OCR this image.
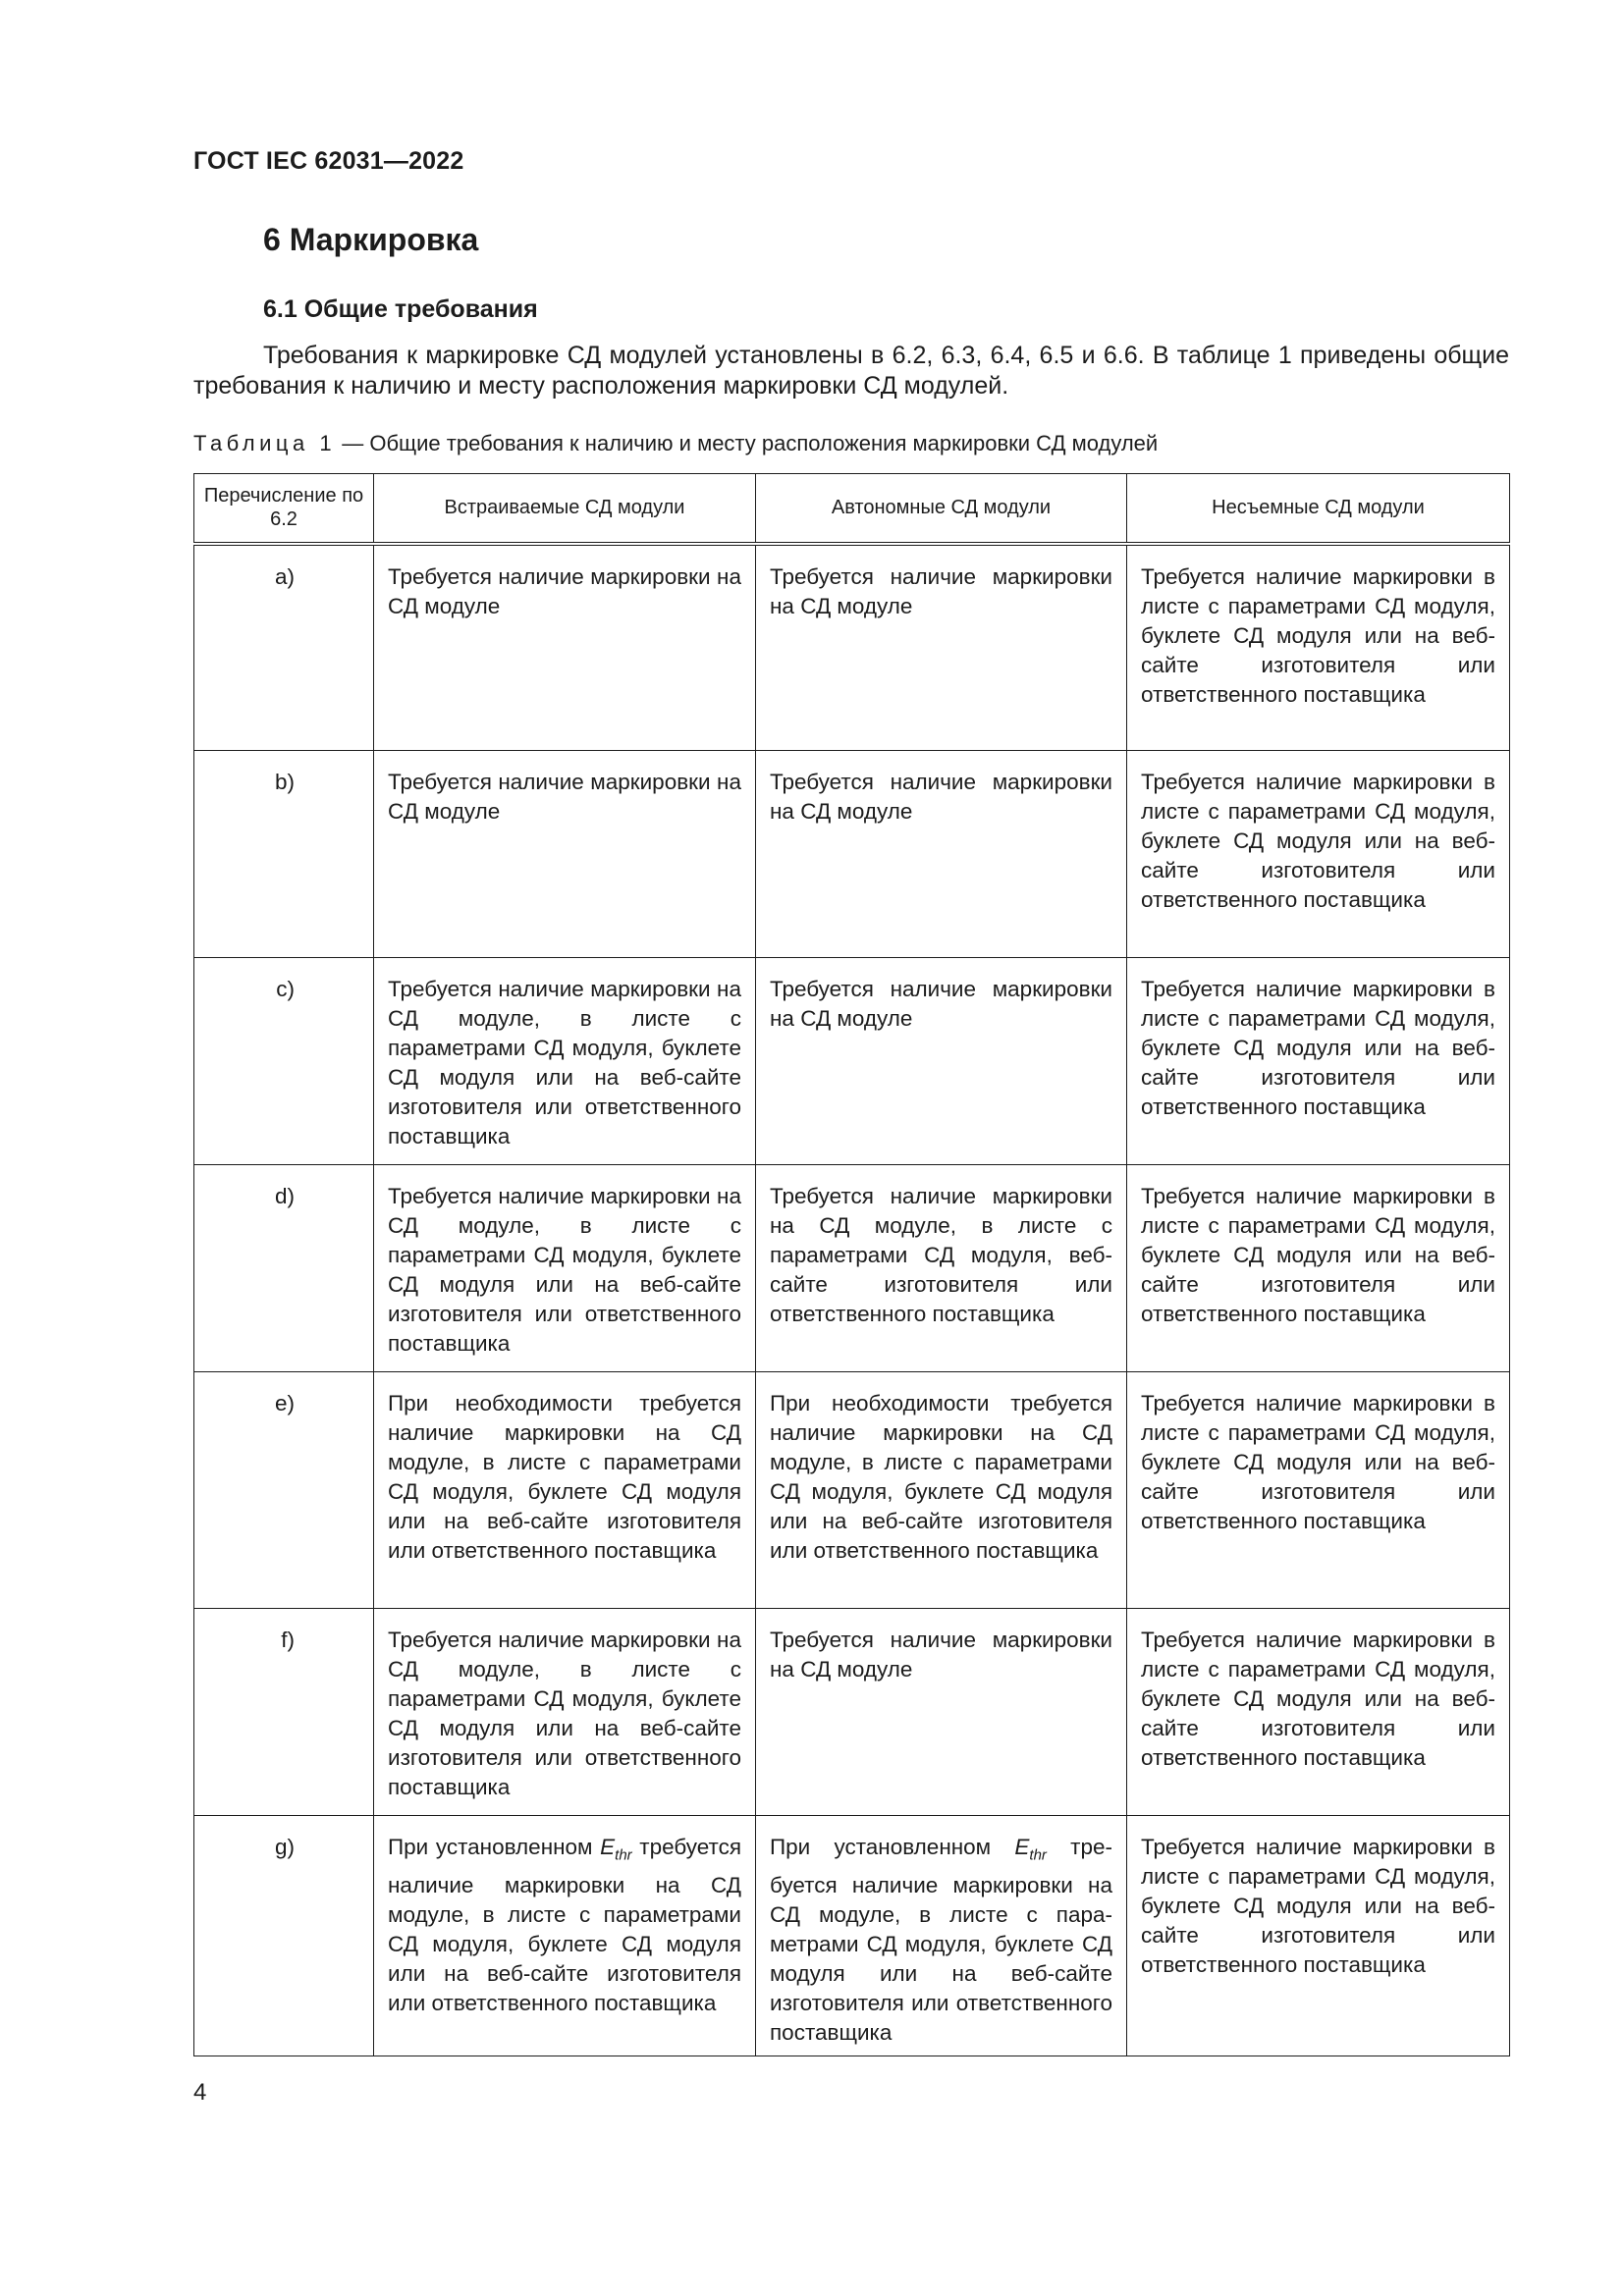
ГОСТ IEC 62031—2022

6 Маркировка
6.1 Общие требования

Требования к маркировке СД модулей установлены в 6.2, 6.3, 6.4, 6.5 и 6.6. В таблице 1 приведены общие требования к наличию и месту расположения маркировки СД модулей.

Таблица 1 — Общие требования к наличию и месту расположения маркировки СД модулей

Перечисление по 6.2	Встраиваемые СД модули	Автономные СД модули	Несъемные СД модули
a)	Требуется наличие маркировки на СД модуле	Требуется наличие маркировки на СД модуле	Требуется наличие маркировки в листе с параметрами СД модуля, буклете СД модуля или на веб-сайте изготовителя или ответственного поставщика
b)	Требуется наличие маркировки на СД модуле	Требуется наличие маркировки на СД модуле	Требуется наличие маркировки в листе с параметрами СД модуля, буклете СД модуля или на веб-сайте изготовителя или ответственного поставщика
c)	Требуется наличие маркировки на СД модуле, в листе с параметрами СД модуля, буклете СД модуля или на веб-сайте изготовителя или ответственного поставщика	Требуется наличие маркировки на СД модуле	Требуется наличие маркировки в листе с параметрами СД модуля, буклете СД модуля или на веб-сайте изготовителя или ответственного поставщика
d)	Требуется наличие маркировки на СД модуле, в листе с параметрами СД модуля, буклете СД модуля или на веб-сайте изготовителя или ответственного поставщика	Требуется наличие маркировки на СД модуле, в листе с параметрами СД модуля, веб-сайте изготовителя или ответственного поставщика	Требуется наличие маркировки в листе с параметрами СД модуля, буклете СД модуля или на веб-сайте изготовителя или ответственного поставщика
e)	При необходимости требуется наличие маркировки на СД модуле, в листе с параметрами СД модуля, буклете СД модуля или на веб-сайте изготовителя или ответственного поставщика	При необходимости требуется наличие маркировки на СД модуле, в листе с параметрами СД модуля, буклете СД модуля или на веб-сайте изготовителя или ответственного поставщика	Требуется наличие маркировки в листе с параметрами СД модуля, буклете СД модуля или на веб-сайте изготовителя или ответственного поставщика
f)	Требуется наличие маркировки на СД модуле, в листе с параметрами СД модуля, буклете СД модуля или на веб-сайте изготовителя или ответственного поставщика	Требуется наличие маркировки на СД модуле	Требуется наличие маркировки в листе с параметрами СД модуля, буклете СД модуля или на веб-сайте изготовителя или ответственного поставщика
g)	При установленном $E_{thr}$ требуется наличие маркировки на СД модуле, в листе с параметрами СД модуля, буклете СД модуля или на веб-сайте изготовителя или ответственного поставщика	При установленном $E_{thr}$ требуется наличие маркировки на СД модуле, в листе с параметрами СД модуля, буклете СД модуля или на веб-сайте изготовителя или ответственного поставщика	Требуется наличие маркировки в листе с параметрами СД модуля, буклете СД модуля или на веб-сайте изготовителя или ответственного поставщика

4
